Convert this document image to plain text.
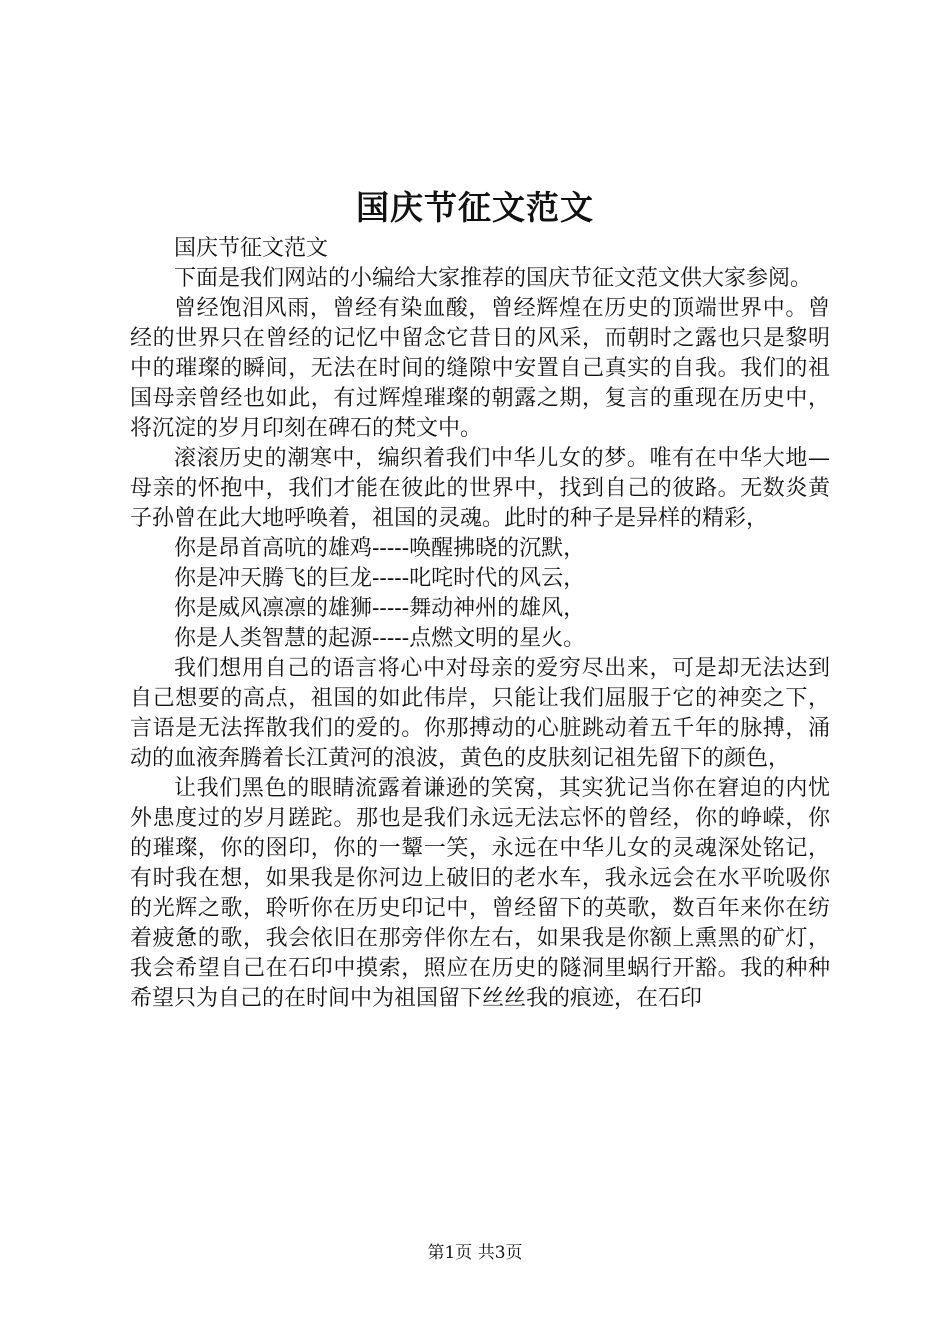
国庆节征文范文

国庆节征文范文

下面是我们网站的小编给大家推荐的国庆节征文范文供大家参阅。

曾经饱泪风雨，曾经有染血酸，曾经辉煌在历史的顶端世界中。曾经的世界只在曾经的记忆中留念它昔日的风采，而朝时之露也只是黎明中的璀璨的瞬间，无法在时间的缝隙中安置自己真实的自我。我们的祖国母亲曾经也如此，有过辉煌璀璨的朝露之期，复言的重现在历史中，将沉淀的岁月印刻在碑石的梵文中。

滚滚历史的潮寒中，编织着我们中华儿女的梦。唯有在中华大地—母亲的怀抱中，我们才能在彼此的世界中，找到自己的彼路。无数炎黄子孙曾在此大地呼唤着，祖国的灵魂。此时的种子是异样的精彩，

你是昂首高吭的雄鸡-----唤醒拂晓的沉默，

你是冲天腾飞的巨龙-----叱咤时代的风云，

你是威风凛凛的雄狮-----舞动神州的雄风，

你是人类智慧的起源-----点燃文明的星火。

我们想用自己的语言将心中对母亲的爱穷尽出来，可是却无法达到自己想要的高点，祖国的如此伟岸，只能让我们屈服于它的神奕之下，言语是无法挥散我们的爱的。你那搏动的心脏跳动着五千年的脉搏，涌动的血液奔腾着长江黄河的浪波，黄色的皮肤刻记祖先留下的颜色，

让我们黑色的眼睛流露着谦逊的笑窝，其实犹记当你在窘迫的内忧外患度过的岁月蹉跎。那也是我们永远无法忘怀的曾经，你的峥嵘，你的璀璨，你的囹印，你的一颦一笑，永远在中华儿女的灵魂深处铭记，有时我在想，如果我是你河边上破旧的老水车，我永远会在水平吮吸你的光辉之歌，聆听你在历史印记中，曾经留下的英歌，数百年来你在纺着疲惫的歌，我会依旧在那旁伴你左右，如果我是你额上熏黑的矿灯，我会希望自己在石印中摸索，照应在历史的隧洞里蜗行开豁。我的种种希望只为自己的在时间中为祖国留下丝丝我的痕迹，在石印

第1页 共3页
